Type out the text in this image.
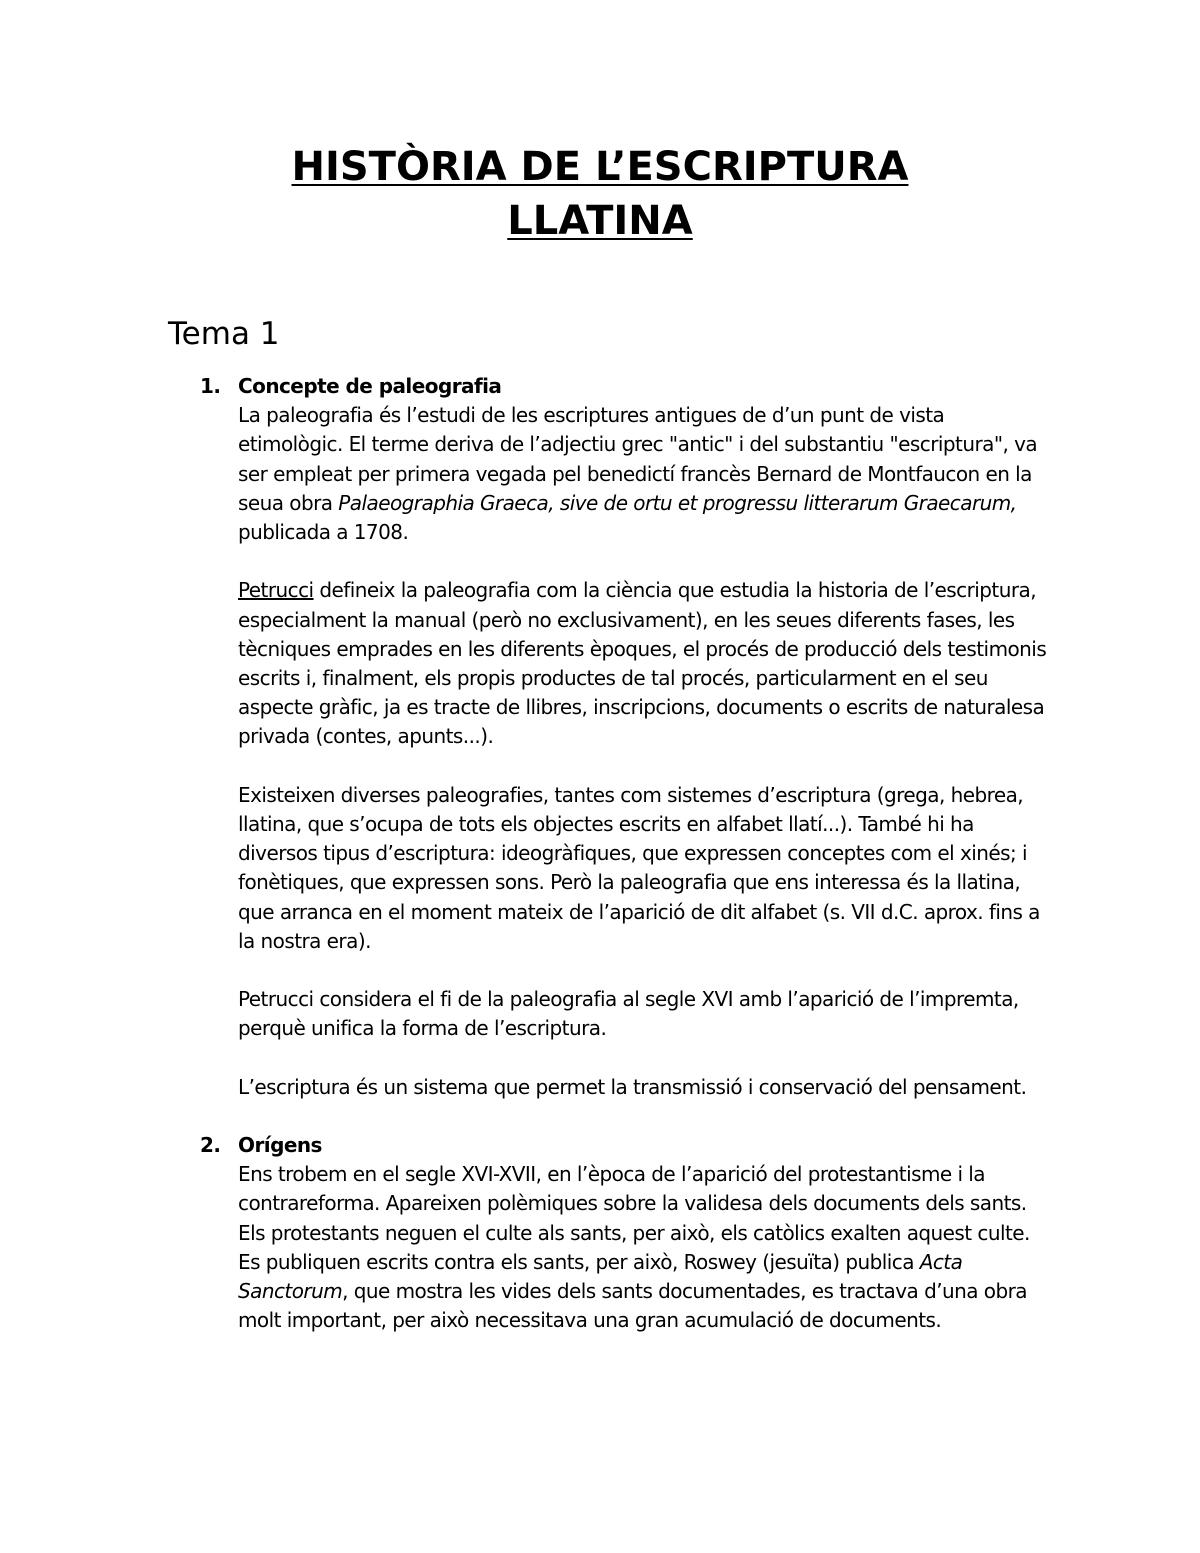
HISTÒRIA DE L’ESCRIPTURA
LLATINA
Tema 1
1. Concepte de paleografia

La paleografia és l’estudi de les escriptures antigues de d’un punt de vista etimològic. El terme deriva de l’adjectiu grec "antic" i del substantiu "escriptura", va ser empleat per primera vegada pel benedictí francès Bernard de Montfaucon en la seua obra Palaeographia Graeca, sive de ortu et progressu litterarum Graecarum, publicada a 1708.

Petrucci defineix la paleografia com la ciència que estudia la historia de l’escriptura, especialment la manual (però no exclusivament), en les seues diferents fases, les tècniques emprades en les diferents èpoques, el procés de producció dels testimonis escrits i, finalment, els propis productes de tal procés, particularment en el seu aspecte gràfic, ja es tracte de llibres, inscripcions, documents o escrits de naturalesa privada (contes, apunts...).

Existeixen diverses paleografies, tantes com sistemes d’escriptura (grega, hebrea, llatina, que s’ocupa de tots els objectes escrits en alfabet llatí...). També hi ha diversos tipus d’escriptura: ideogràfiques, que expressen conceptes com el xinés; i fonètiques, que expressen sons. Però la paleografia que ens interessa és la llatina, que arranca en el moment mateix de l’aparició de dit alfabet (s. VII d.C. aprox. fins a la nostra era).

Petrucci considera el fi de la paleografia al segle XVI amb l’aparició de l’impremta, perquè unifica la forma de l’escriptura.

L’escriptura és un sistema que permet la transmissió i conservació del pensament.

2. Orígens

Ens trobem en el segle XVI-XVII, en l’època de l’aparició del protestantisme i la contrareforma. Apareixen polèmiques sobre la validesa dels documents dels sants. Els protestants neguen el culte als sants, per això, els catòlics exalten aquest culte. Es publiquen escrits contra els sants, per això, Roswey (jesuïta) publica Acta Sanctorum, que mostra les vides dels sants documentades, es tractava d’una obra molt important, per això necessitava una gran acumulació de documents.
